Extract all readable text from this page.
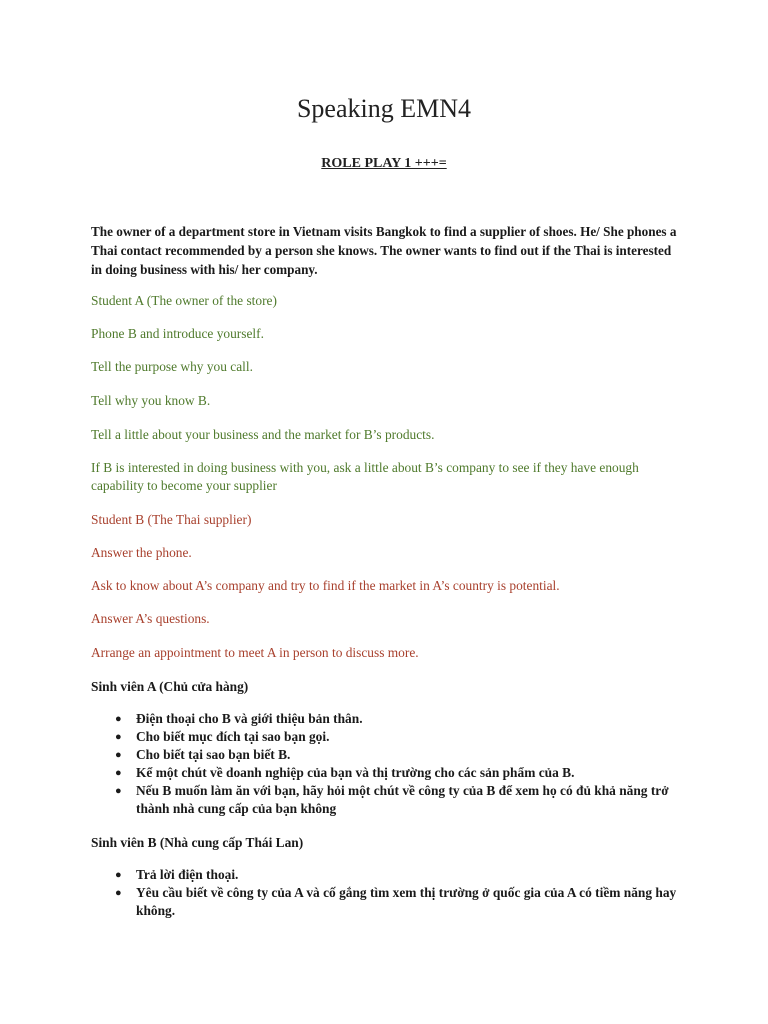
Speaking EMN4
ROLE PLAY 1 +++=
The owner of a department store in Vietnam visits Bangkok to find a supplier of shoes. He/ She phones a Thai contact recommended by a person she knows. The owner wants to find out if the Thai is interested in doing business with his/ her company.
Student A (The owner of the store)
Phone B and introduce yourself.
Tell the purpose why you call.
Tell why you know B.
Tell a little about your business and the market for B’s products.
If B is interested in doing business with you, ask a little about B’s company to see if they have enough capability to become your supplier
Student B (The Thai supplier)
Answer the phone.
Ask to know about A’s company and try to find if the market in A’s country is potential.
Answer A’s questions.
Arrange an appointment to meet A in person to discuss more.
Sinh viên A (Chủ cửa hàng)
● Điện thoại cho B và giới thiệu bản thân.
● Cho biết mục đích tại sao bạn gọi.
● Cho biết tại sao bạn biết B.
● Kể một chút về doanh nghiệp của bạn và thị trường cho các sản phẩm của B.
● Nếu B muốn làm ăn với bạn, hãy hỏi một chút về công ty của B để xem họ có đủ khả năng trở thành nhà cung cấp của bạn không
Sinh viên B (Nhà cung cấp Thái Lan)
● Trả lời điện thoại.
● Yêu cầu biết về công ty của A và cố gắng tìm xem thị trường ở quốc gia của A có tiềm năng hay không.
